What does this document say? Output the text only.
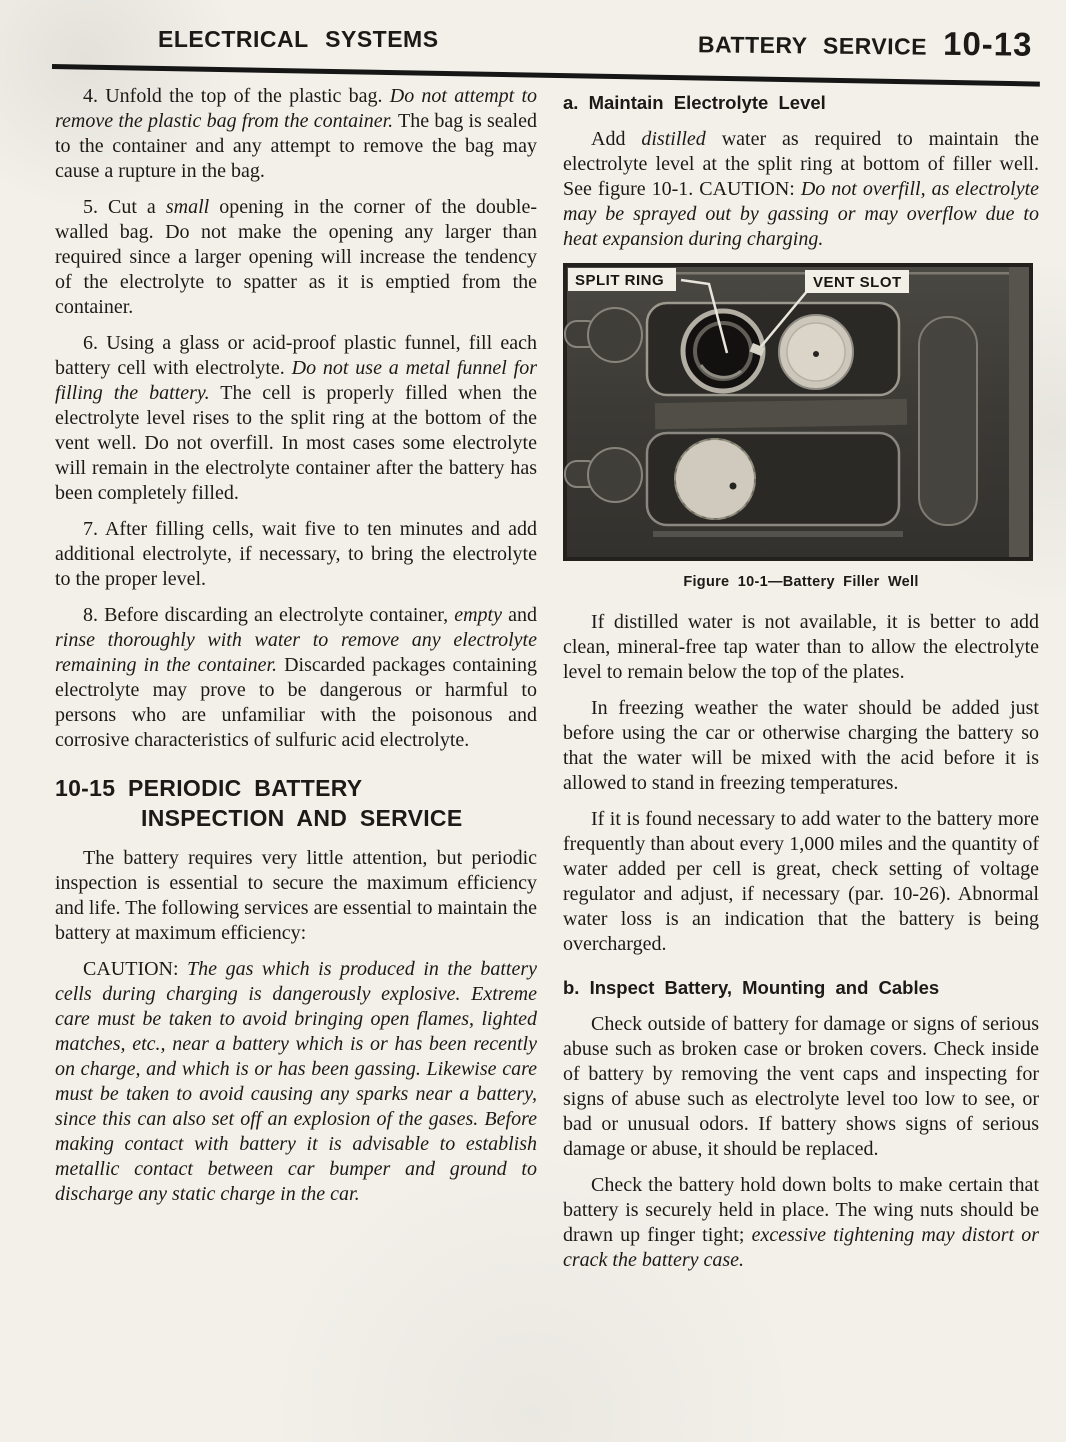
ELECTRICAL SYSTEMS	BATTERY SERVICE 10-13

4. Unfold the top of the plastic bag. Do not attempt to remove the plastic bag from the container. The bag is sealed to the container and any attempt to remove the bag may cause a rupture in the bag.

5. Cut a small opening in the corner of the double-walled bag. Do not make the opening any larger than required since a larger opening will increase the tendency of the electrolyte to spatter as it is emptied from the container.

6. Using a glass or acid-proof plastic funnel, fill each battery cell with electrolyte. Do not use a metal funnel for filling the battery. The cell is properly filled when the electrolyte level rises to the split ring at the bottom of the vent well. Do not overfill. In most cases some electrolyte will remain in the electrolyte container after the battery has been completely filled.

7. After filling cells, wait five to ten minutes and add additional electrolyte, if necessary, to bring the electrolyte to the proper level.

8. Before discarding an electrolyte container, empty and rinse thoroughly with water to remove any electrolyte remaining in the container. Discarded packages containing electrolyte may prove to be dangerous or harmful to persons who are unfamiliar with the poisonous and corrosive characteristics of sulfuric acid electrolyte.

10-15 PERIODIC BATTERY
INSPECTION AND SERVICE

The battery requires very little attention, but periodic inspection is essential to secure the maximum efficiency and life. The following services are essential to maintain the battery at maximum efficiency:

CAUTION: The gas which is produced in the battery cells during charging is dangerously explosive. Extreme care must be taken to avoid bringing open flames, lighted matches, etc., near a battery which is or has been recently on charge, and which is or has been gassing. Likewise care must be taken to avoid causing any sparks near a battery, since this can also set off an explosion of the gases. Before making contact with battery it is advisable to establish metallic contact between car bumper and ground to discharge any static charge in the car.

a. Maintain Electrolyte Level

Add distilled water as required to maintain the electrolyte level at the split ring at bottom of filler well. See figure 10-1. CAUTION: Do not overfill, as electrolyte may be sprayed out by gassing or may overflow due to heat expansion during charging.

SPLIT RING	VENT SLOT
Figure 10-1—Battery Filler Well

If distilled water is not available, it is better to add clean, mineral-free tap water than to allow the electrolyte level to remain below the top of the plates.

In freezing weather the water should be added just before using the car or otherwise charging the battery so that the water will be mixed with the acid before it is allowed to stand in freezing temperatures.

If it is found necessary to add water to the battery more frequently than about every 1,000 miles and the quantity of water added per cell is great, check setting of voltage regulator and adjust, if necessary (par. 10-26). Abnormal water loss is an indication that the battery is being overcharged.

b. Inspect Battery, Mounting and Cables

Check outside of battery for damage or signs of serious abuse such as broken case or broken covers. Check inside of battery by removing the vent caps and inspecting for signs of abuse such as electrolyte level too low to see, or bad or unusual odors. If battery shows signs of serious damage or abuse, it should be replaced.

Check the battery hold down bolts to make certain that battery is securely held in place. The wing nuts should be drawn up finger tight; excessive tightening may distort or crack the battery case.
